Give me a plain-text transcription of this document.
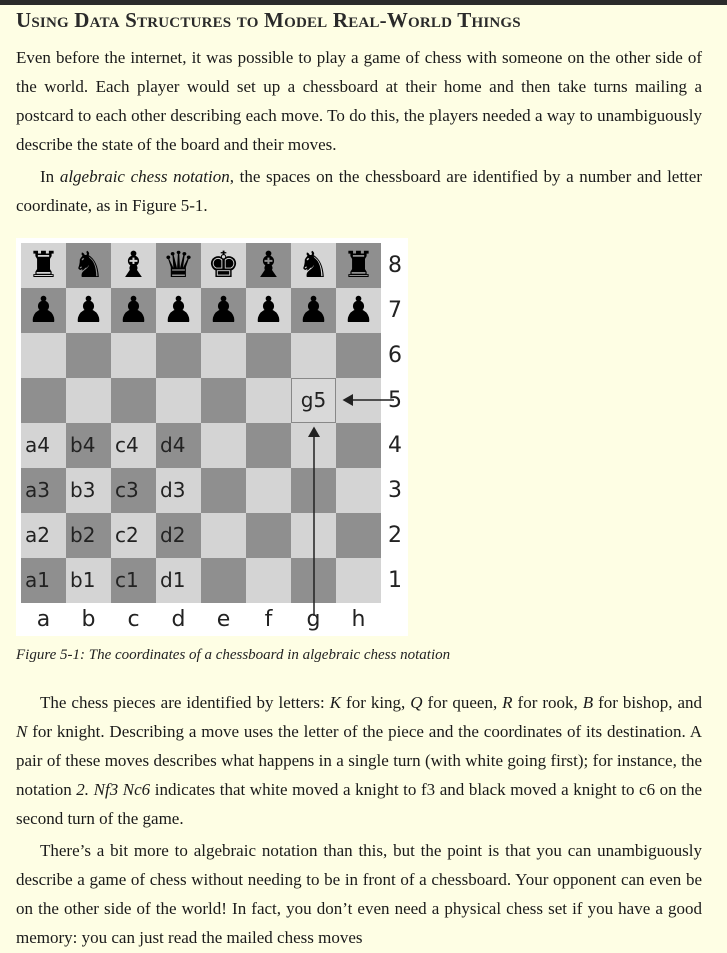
Using Data Structures to Model Real-World Things

Even before the internet, it was possible to play a game of chess with someone on the other side of the world. Each player would set up a chessboard at their home and then take turns mailing a postcard to each other describing each move. To do this, the players needed a way to unambiguously describe the state of the board and their moves.

In algebraic chess notation, the spaces on the chessboard are identified by a number and letter coordinate, as in Figure 5-1.

♜
♟
♞
♟
♝
♟
♛
♟
♚
♟
♝
♟
♞
♟
♜
♟
a4	b4 c4	d4
a3	b3 c3	d3
a2	b2 c2	d2
a1	b1 c1	d1
g5
8
7
6
5
4
3
2
1
a	b	c	d	e	f	g	h
Figure 5-1: The coordinates of a chessboard in algebraic chess notation

The chess pieces are identified by letters: K for king, Q for queen, R for rook, B for bishop, and N for knight. Describing a move uses the letter of the piece and the coordinates of its destination. A pair of these moves describes what happens in a single turn (with white going first); for instance, the notation 2. Nf3 Nc6 indicates that white moved a knight to f3 and black moved a knight to c6 on the second turn of the game.

There’s a bit more to algebraic notation than this, but the point is that you can unambiguously describe a game of chess without needing to be in front of a chessboard. Your opponent can even be on the other side of the world! In fact, you don’t even need a physical chess set if you have a good memory: you can just read the mailed chess moves
